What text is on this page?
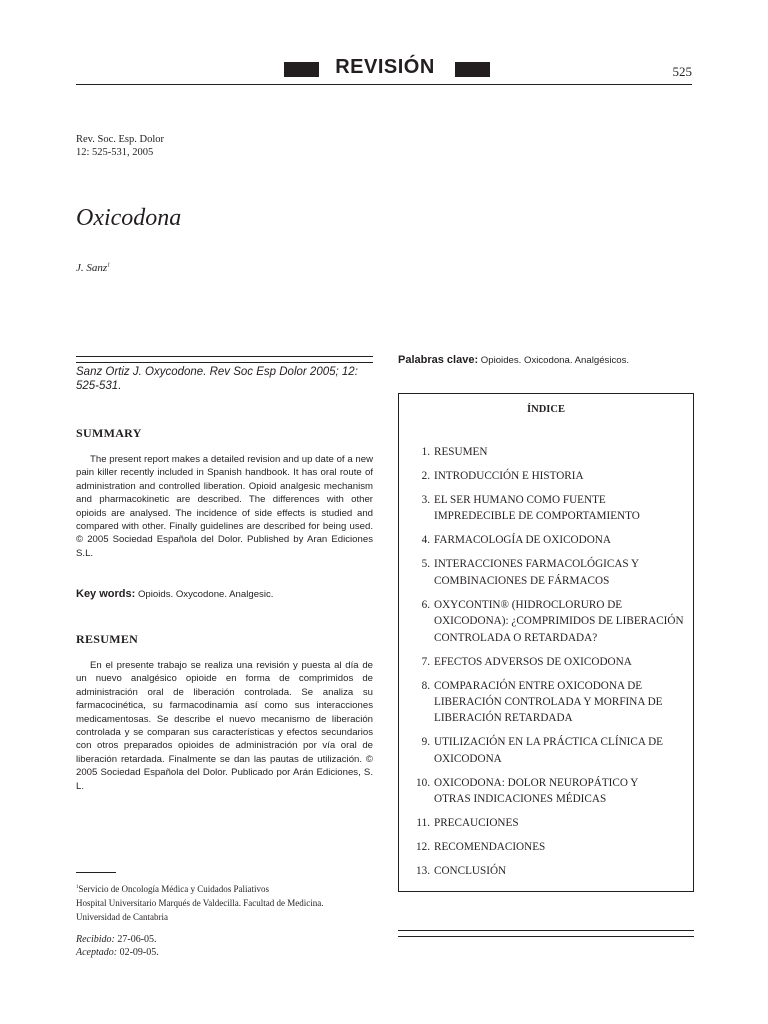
REVISIÓN	525
Rev. Soc. Esp. Dolor
12: 525-531, 2005
Oxicodona
J. Sanz$^1$
Sanz Ortiz J. Oxycodone. Rev Soc Esp Dolor 2005; 12: 525-531.
SUMMARY
The present report makes a detailed revision and up date of a new pain killer recently included in Spanish handbook. It has oral route of administration and controlled liberation. Opioid analgesic mechanism and pharmacokinetic are described. The differences with other opioids are analysed. The incidence of side effects is studied and compared with other. Finally guidelines are described for being used. © 2005 Sociedad Española del Dolor. Published by Aran Ediciones S.L.
Key words: Opioids. Oxycodone. Analgesic.
RESUMEN
En el presente trabajo se realiza una revisión y puesta al día de un nuevo analgésico opioide en forma de comprimidos de administración oral de liberación controlada. Se analiza su farmacocinética, su farmacodinamia así como sus interacciones medicamentosas. Se describe el nuevo mecanismo de liberación controlada y se comparan sus características y efectos secundarios con otros preparados opioides de administración por vía oral de liberación retardada. Finalmente se dan las pautas de utilización. © 2005 Sociedad Española del Dolor. Publicado por Arán Ediciones, S. L.
Palabras clave: Opioides. Oxicodona. Analgésicos.
ÍNDICE
1. RESUMEN
2. INTRODUCCIÓN E HISTORIA
3. EL SER HUMANO COMO FUENTE IMPREDECIBLE DE COMPORTAMIENTO
4. FARMACOLOGÍA DE OXICODONA
5. INTERACCIONES FARMACOLÓGICAS Y COMBINACIONES DE FÁRMACOS
6. OXYCONTIN® (HIDROCLORURO DE OXICODONA): ¿COMPRIMIDOS DE LIBERACIÓN CONTROLADA O RETARDADA?
7. EFECTOS ADVERSOS DE OXICODONA
8. COMPARACIÓN ENTRE OXICODONA DE LIBERACIÓN CONTROLADA Y MORFINA DE LIBERACIÓN RETARDADA
9. UTILIZACIÓN EN LA PRÁCTICA CLÍNICA DE OXICODONA
10. OXICODONA: DOLOR NEUROPÁTICO Y OTRAS INDICACIONES MÉDICAS
11. PRECAUCIONES
12. RECOMENDACIONES
13. CONCLUSIÓN
$^1$Servicio de Oncología Médica y Cuidados Paliativos
Hospital Universitario Marqués de Valdecilla. Facultad de Medicina.
Universidad de Cantabria
Recibido: 27-06-05.
Aceptado: 02-09-05.
